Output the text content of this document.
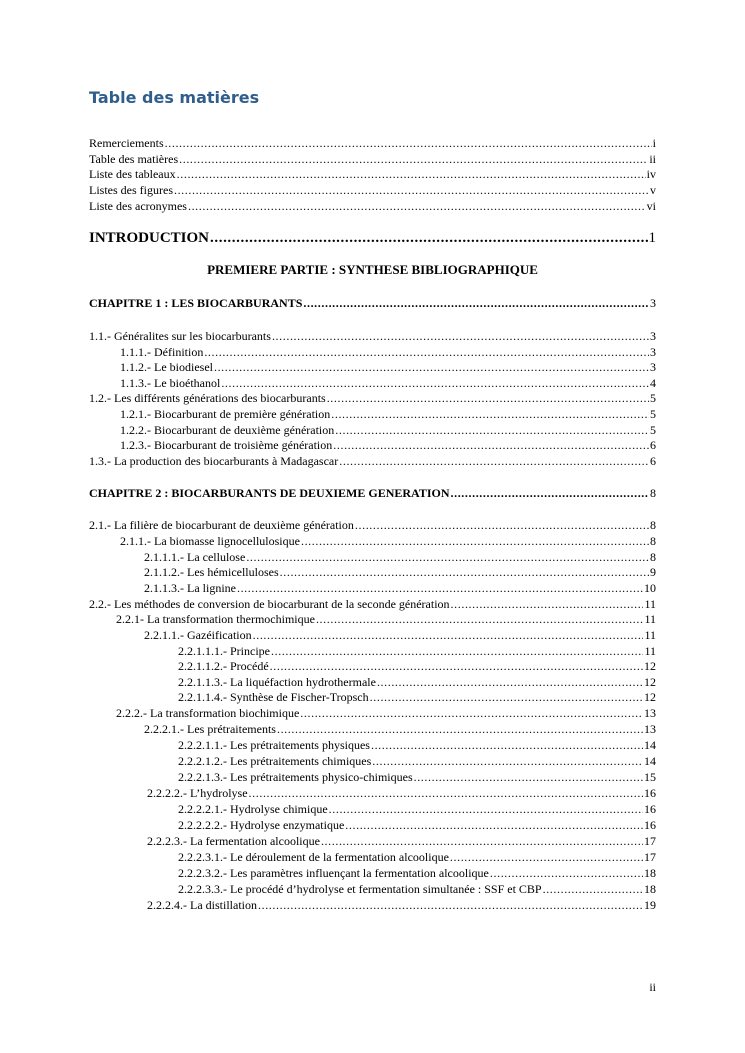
Table des matières
Remerciements .....	i
Table des matières .....	ii
Liste des tableaux .....	iv
Listes des figures .....	v
Liste des acronymes .....	vi
INTRODUCTION .....	1
CHAPITRE 1 : LES BIOCARBURANTS .....	3
1.1.- Généralites sur les biocarburants .....	3
1.1.1.- Définition .....	3
1.1.2.- Le biodiesel .....	3
1.1.3.- Le bioéthanol .....	4
1.2.- Les différents générations des biocarburants .....	5
1.2.1.- Biocarburant de première génération .....	5
1.2.2.- Biocarburant de deuxième génération .....	5
1.2.3.- Biocarburant de troisième génération .....	6
1.3.- La production des biocarburants à Madagascar .....	6
CHAPITRE 2 : BIOCARBURANTS DE DEUXIEME GENERATION .....	8
2.1.- La filière de biocarburant de deuxième génération .....	8
2.1.1.- La biomasse lignocellulosique .....	8
2.1.1.1.- La cellulose .....	8
2.1.1.2.- Les hémicelluloses .....	9
2.1.1.3.- La lignine .....	10
2.2.- Les méthodes de conversion de biocarburant de la seconde génération .....	11
2.2.1- La transformation thermochimique .....	11
2.2.1.1.- Gazéification .....	11
2.2.1.1.1.- Principe .....	11
2.2.1.1.2.- Procédé .....	12
2.2.1.1.3.- La liquéfaction hydrothermale .....	12
2.2.1.1.4.- Synthèse de Fischer-Tropsch .....	12
2.2.2.- La transformation biochimique .....	13
2.2.2.1.- Les prétraitements .....	13
2.2.2.1.1.- Les prétraitements physiques .....	14
2.2.2.1.2.- Les prétraitements chimiques .....	14
2.2.2.1.3.- Les prétraitements physico-chimiques .....	15
2.2.2.2.- L’hydrolyse .....	16
2.2.2.2.1.- Hydrolyse chimique .....	16
2.2.2.2.2.- Hydrolyse enzymatique .....	16
2.2.2.3.- La fermentation alcoolique .....	17
2.2.2.3.1.- Le déroulement de la fermentation alcoolique .....	17
2.2.2.3.2.- Les paramètres influençant la fermentation alcoolique .....	18
2.2.2.3.3.- Le procédé d’hydrolyse et fermentation simultanée : SSF et CBP .....	18
2.2.2.4.- La distillation .....	19
PREMIERE PARTIE : SYNTHESE BIBLIOGRAPHIQUE
ii
